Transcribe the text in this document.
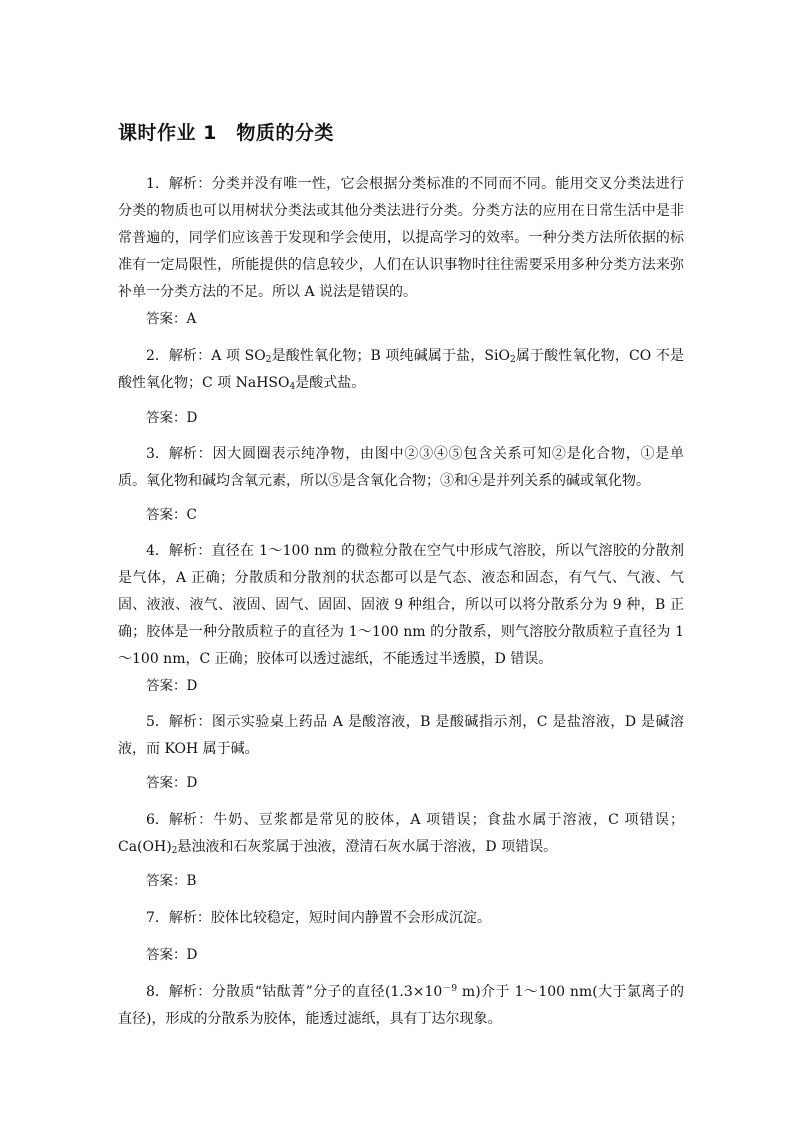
课时作业 1　物质的分类
1．解析：分类并没有唯一性，它会根据分类标准的不同而不同。能用交叉分类法进行分类的物质也可以用树状分类法或其他分类法进行分类。分类方法的应用在日常生活中是非常普遍的，同学们应该善于发现和学会使用，以提高学习的效率。一种分类方法所依据的标准有一定局限性，所能提供的信息较少，人们在认识事物时往往需要采用多种分类方法来弥补单一分类方法的不足。所以 A 说法是错误的。
答案：A
2．解析：A 项 $SO_2$是酸性氧化物；B 项纯碱属于盐，SiO$_2$属于酸性氧化物，CO 不是酸性氧化物；C 项 NaHSO$_4$是酸式盐。
答案：D
3．解析：因大圆圈表示纯净物，由图中②③④⑤包含关系可知②是化合物，①是单质。氧化物和碱均含氧元素，所以⑤是含氧化合物；③和④是并列关系的碱或氧化物。
答案：C
4．解析：直径在 1～100 nm 的微粒分散在空气中形成气溶胶，所以气溶胶的分散剂是气体，A 正确；分散质和分散剂的状态都可以是气态、液态和固态，有气气、气液、气固、液液、液气、液固、固气、固固、固液 9 种组合，所以可以将分散系分为 9 种，B 正确；胶体是一种分散质粒子的直径为 1～100 nm 的分散系，则气溶胶分散质粒子直径为 1～100 nm，C 正确；胶体可以透过滤纸，不能透过半透膜，D 错误。
答案：D
5．解析：图示实验桌上药品 A 是酸溶液，B 是酸碱指示剂，C 是盐溶液，D 是碱溶液，而 KOH 属于碱。
答案：D
6．解析：牛奶、豆浆都是常见的胶体，A 项错误；食盐水属于溶液，C 项错误；$Ca(OH)_2$悬浊液和石灰浆属于浊液，澄清石灰水属于溶液，D 项错误。
答案：B
7．解析：胶体比较稳定，短时间内静置不会形成沉淀。
答案：D
8．解析：分散质“钴酞菁”分子的直径($1.3\times 10^{-9}$ m)介于 1～100 nm(大于氯离子的直径)，形成的分散系为胶体，能透过滤纸，具有丁达尔现象。
